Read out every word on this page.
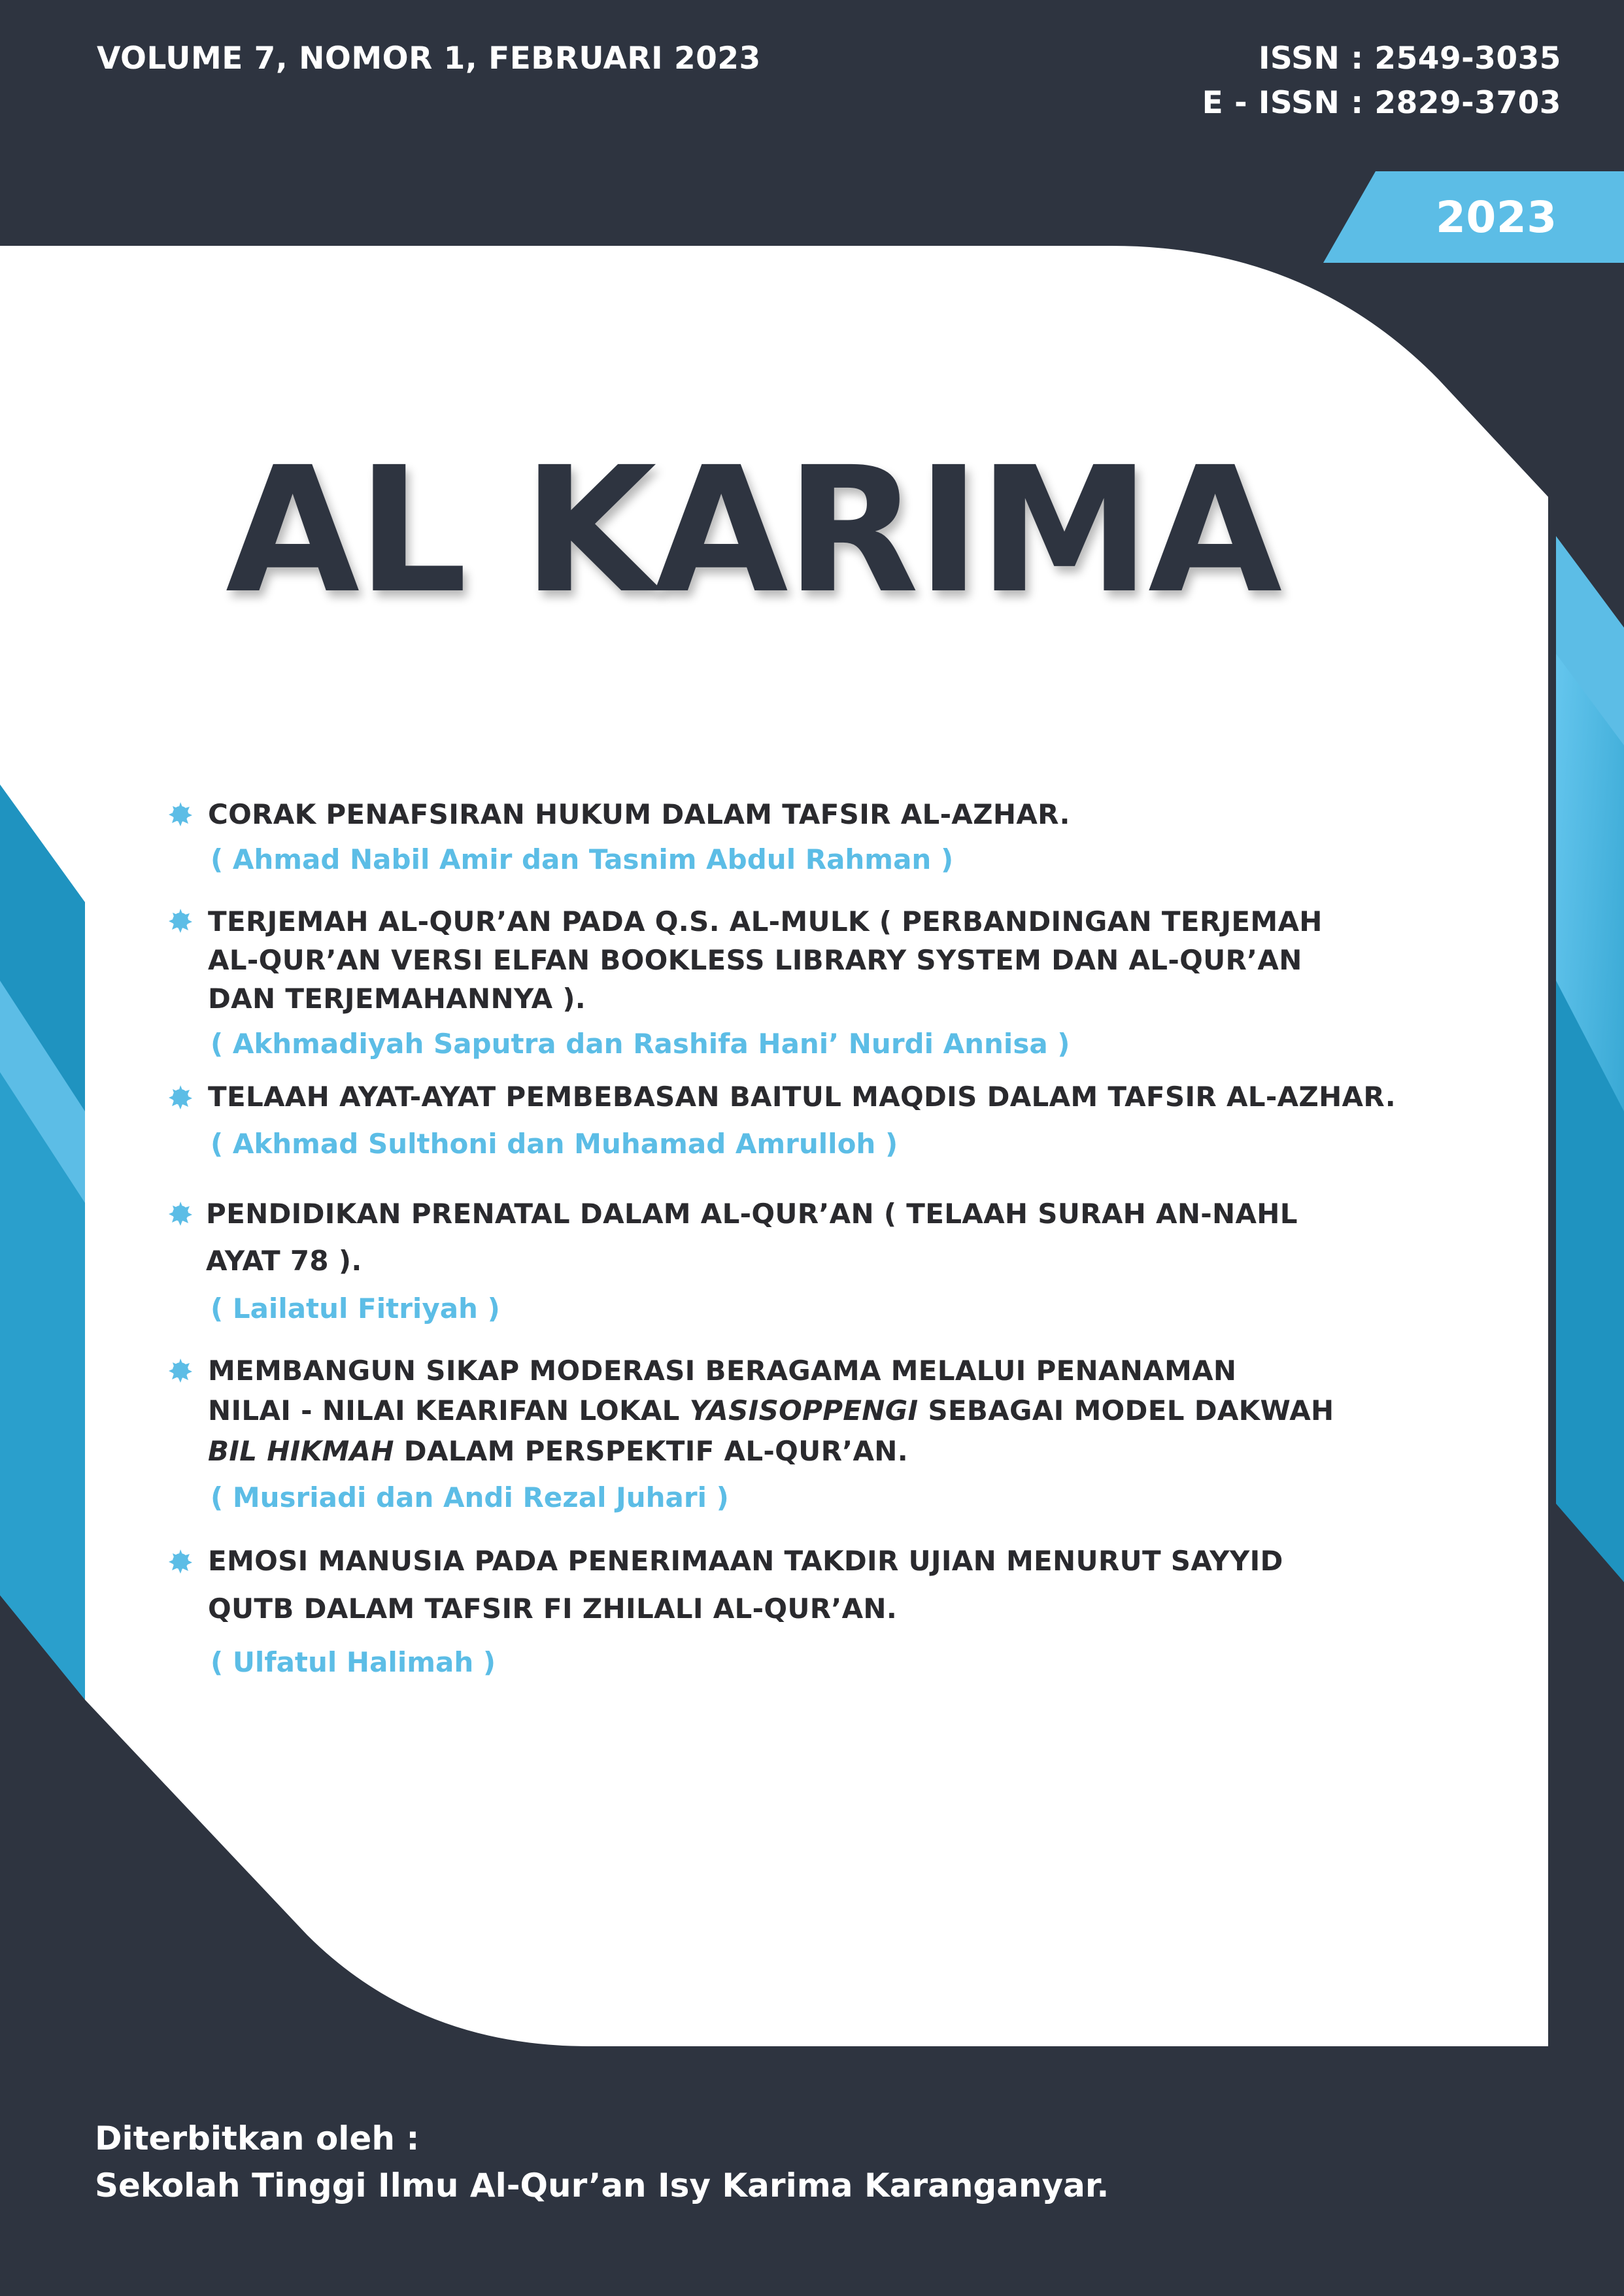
VOLUME 7, NOMOR 1, FEBRUARI 2023	ISSN : 2549-3035
E - ISSN : 2829-3703
2023
AL KARIMA
CORAK PENAFSIRAN HUKUM DALAM TAFSIR AL-AZHAR.
( Ahmad Nabil Amir dan Tasnim Abdul Rahman )
TERJEMAH AL-QUR’AN PADA Q.S. AL-MULK ( PERBANDINGAN TERJEMAH
AL-QUR’AN VERSI ELFAN BOOKLESS LIBRARY SYSTEM DAN AL-QUR’AN
DAN TERJEMAHANNYA ).
( Akhmadiyah Saputra dan Rashifa Hani’ Nurdi Annisa )
TELAAH AYAT-AYAT PEMBEBASAN BAITUL MAQDIS DALAM TAFSIR AL-AZHAR.
( Akhmad Sulthoni dan Muhamad Amrulloh )
PENDIDIKAN PRENATAL DALAM AL-QUR’AN ( TELAAH SURAH AN-NAHL
AYAT 78 ).
( Lailatul Fitriyah )
MEMBANGUN SIKAP MODERASI BERAGAMA MELALUI PENANAMAN
NILAI - NILAI KEARIFAN LOKAL YASISOPPENGI SEBAGAI MODEL DAKWAH
BIL HIKMAH DALAM PERSPEKTIF AL-QUR’AN.
( Musriadi dan Andi Rezal Juhari )
EMOSI MANUSIA PADA PENERIMAAN TAKDIR UJIAN MENURUT SAYYID
QUTB DALAM TAFSIR FI ZHILALI AL-QUR’AN.
( Ulfatul Halimah )
Diterbitkan oleh :
Sekolah Tinggi Ilmu Al-Qur’an Isy Karima Karanganyar.
